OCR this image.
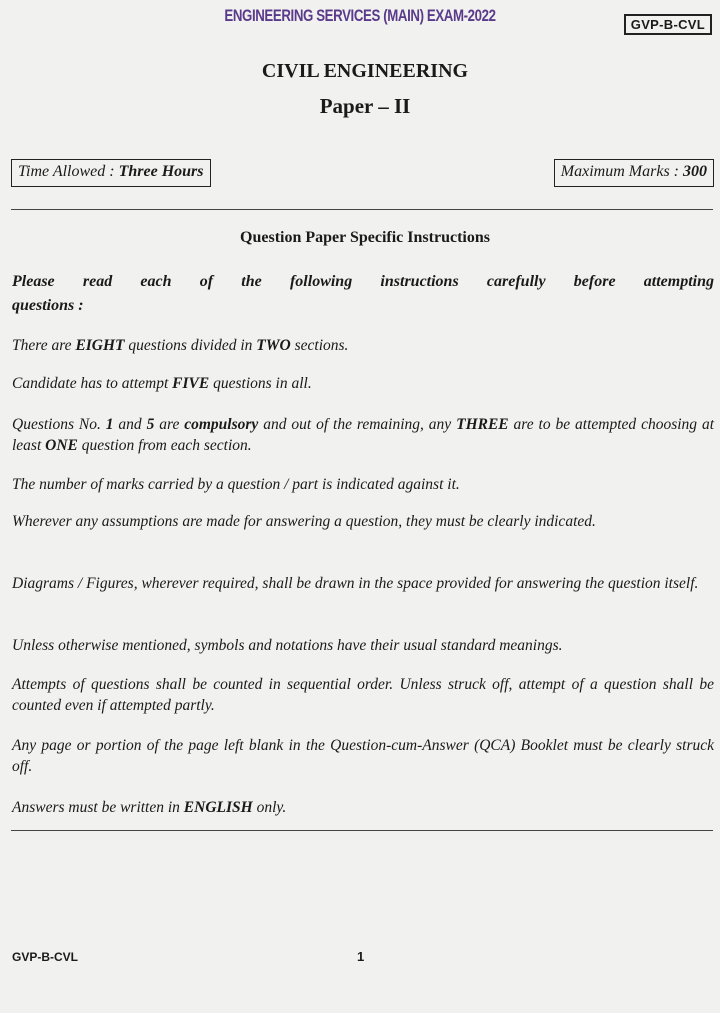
ENGINEERING SERVICES (MAIN) EXAM-2022	GVP-B-CVL
CIVIL ENGINEERING
Paper – II
Time Allowed : Three Hours	Maximum Marks : 300
Question Paper Specific Instructions
Please read each of the following instructions carefully before attempting
questions :
There are EIGHT questions divided in TWO sections.
Candidate has to attempt FIVE questions in all.
Questions No. 1 and 5 are compulsory and out of the remaining, any THREE are to be attempted choosing at least ONE question from each section.
The number of marks carried by a question / part is indicated against it.
Wherever any assumptions are made for answering a question, they must be clearly indicated.
Diagrams / Figures, wherever required, shall be drawn in the space provided for answering the question itself.
Unless otherwise mentioned, symbols and notations have their usual standard meanings.
Attempts of questions shall be counted in sequential order. Unless struck off, attempt of a question shall be counted even if attempted partly.
Any page or portion of the page left blank in the Question-cum-Answer (QCA) Booklet must be clearly struck off.
Answers must be written in ENGLISH only.
GVP-B-CVL	1
